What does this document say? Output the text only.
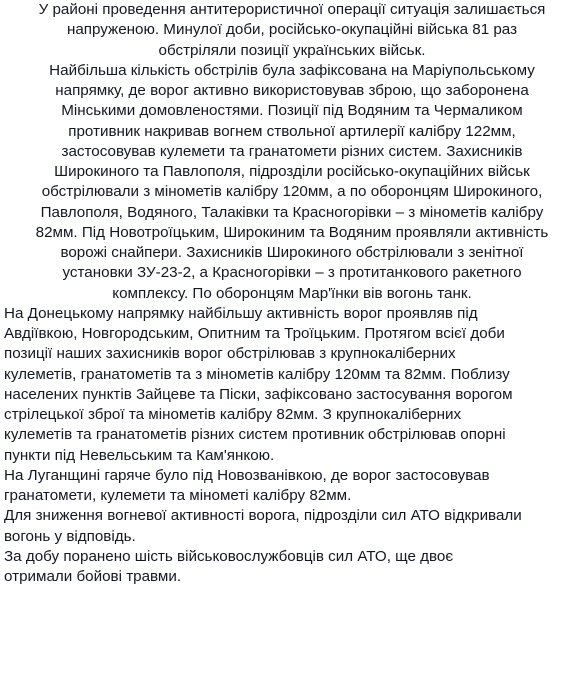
У районі проведення антитерористичної операції ситуація залишається
напруженою. Минулої доби, російсько-окупаційні війська 81 раз
обстріляли позиції українських військ.
Найбільша кількість обстрілів була зафіксована на Маріупольському
напрямку, де ворог активно використовував зброю, що заборонена
Мінськими домовленостями. Позиції під Водяним та Чермаликом
противник накривав вогнем ствольної артилерії калібру 122мм,
застосовував кулемети та гранатомети різних систем. Захисників
Широкиного та Павлополя, підрозділи російсько-окупаційних військ
обстрілювали з мінометів калібру 120мм, а по оборонцям Широкиного,
Павлополя, Водяного, Талаківки та Красногорівки – з мінометів калібру
82мм. Під Новотроїцьким, Широкиним та Водяним проявляли активність
ворожі снайпери. Захисників Широкиного обстрілювали з зенітної
установки ЗУ-23-2, а Красногорівки – з протитанкового ракетного
комплексу. По оборонцям Мар'їнки вів вогонь танк.
На Донецькому напрямку найбільшу активність ворог проявляв під
Авдіївкою, Новгородським, Опитним та Троїцьким. Протягом всієї доби
позиції наших захисників ворог обстрілював з крупнокаліберних
кулеметів, гранатометів та з мінометів калібру 120мм та 82мм. Поблизу
населених пунктів Зайцеве та Піски, зафіксовано застосування ворогом
стрілецької зброї та мінометів калібру 82мм. З крупнокаліберних
кулеметів та гранатометів різних систем противник обстрілював опорні
пункти під Невельським та Кам'янкою.
На Луганщині гаряче було під Новозванівкою, де ворог застосовував
гранатомети, кулемети та мінометі калібру 82мм.
Для зниження вогневої активності ворога, підрозділи сил АТО відкривали
вогонь у відповідь.
За добу поранено шість військовослужбовців сил АТО, ще двоє
отримали бойові травми.
